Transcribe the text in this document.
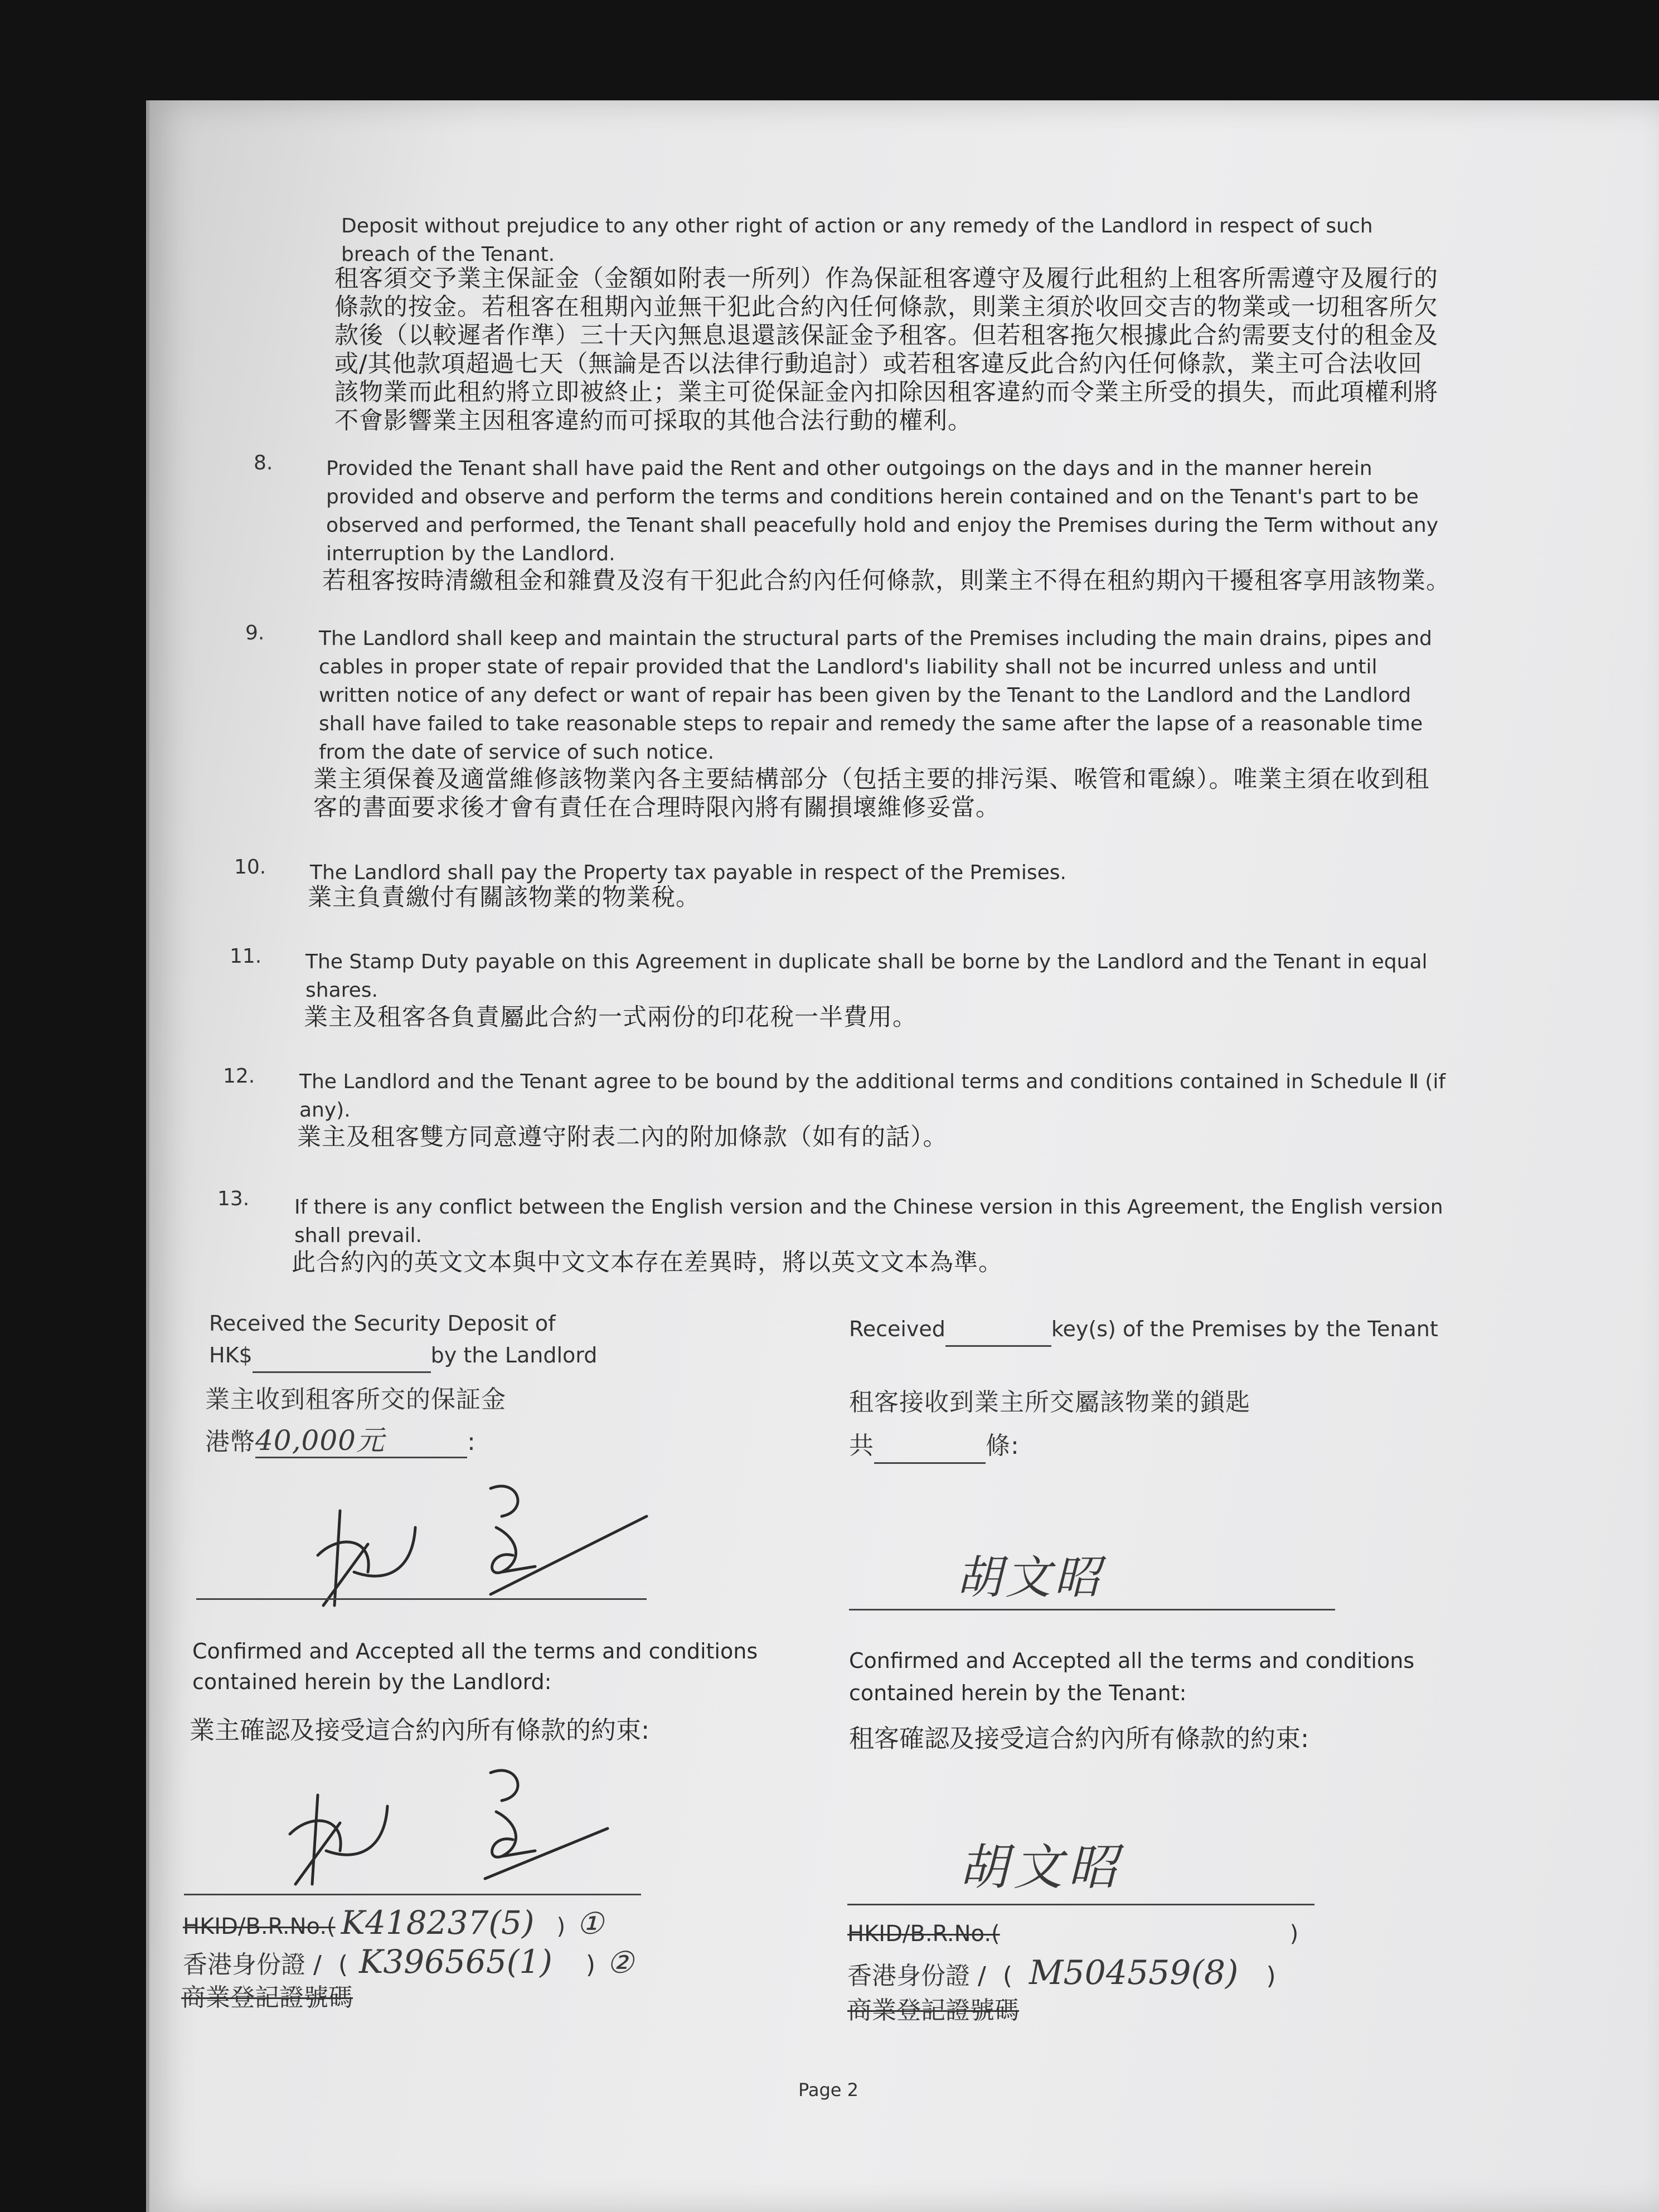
Deposit without prejudice to any other right of action or any remedy of the Landlord in respect of such breach of the Tenant.

租客須交予業主保証金（金額如附表一所列）作為保証租客遵守及履行此租約上租客所需遵守及履行的條款的按金。若租客在租期內並無干犯此合約內任何條款，則業主須於收回交吉的物業或一切租客所欠款後（以較遲者作準）三十天內無息退還該保証金予租客。但若租客拖欠根據此合約需要支付的租金及或/其他款項超過七天（無論是否以法律行動追討）或若租客違反此合約內任何條款，業主可合法收回該物業而此租約將立即被終止；業主可從保証金內扣除因租客違約而令業主所受的損失，而此項權利將不會影響業主因租客違約而可採取的其他合法行動的權利。

8.	Provided the Tenant shall have paid the Rent and other outgoings on the days and in the manner herein provided and observe and perform the terms and conditions herein contained and on the Tenant's part to be observed and performed, the Tenant shall peacefully hold and enjoy the Premises during the Term without any interruption by the Landlord.

若租客按時清繳租金和雜費及沒有干犯此合約內任何條款，則業主不得在租約期內干擾租客享用該物業。

9.	The Landlord shall keep and maintain the structural parts of the Premises including the main drains, pipes and cables in proper state of repair provided that the Landlord's liability shall not be incurred unless and until written notice of any defect or want of repair has been given by the Tenant to the Landlord and the Landlord shall have failed to take reasonable steps to repair and remedy the same after the lapse of a reasonable time from the date of service of such notice.

業主須保養及適當維修該物業內各主要結構部分（包括主要的排污渠、喉管和電線）。唯業主須在收到租客的書面要求後才會有責任在合理時限內將有關損壞維修妥當。

10. The Landlord shall pay the Property tax payable in respect of the Premises.

業主負責繳付有關該物業的物業稅。

11. The Stamp Duty payable on this Agreement in duplicate shall be borne by the Landlord and the Tenant in equal shares.

業主及租客各負責屬此合約一式兩份的印花稅一半費用。

12. The Landlord and the Tenant agree to be bound by the additional terms and conditions contained in Schedule Ⅱ (if any).

業主及租客雙方同意遵守附表二內的附加條款（如有的話）。

13. If there is any conflict between the English version and the Chinese version in this Agreement, the English version shall prevail.

此合約內的英文文本與中文文本存在差異時，將以英文文本為準。

Received the Security Deposit of
HK$	by the Landlord
業主收到租客所交的保証金
港幣40,000元	:
Received	key(s) of the Premises by the Tenant
租客接收到業主所交屬該物業的鎖匙
共	條:
胡文昭

Confirmed and Accepted all the terms and conditions contained herein by the Landlord:

業主確認及接受這合約內所有條款的約束:

Confirmed and Accepted all the terms and conditions contained herein by the Tenant:

租客確認及接受這合約內所有條款的約束:

胡文昭
HKID/B.R.No.( K418237(5) ) ①
香港身份證 / ( K396565(1) ) ②
商業登記證號碼
HKID/B.R.No.(	)
香港身份證 / ( M504559(8) )
商業登記證號碼
Page 2
